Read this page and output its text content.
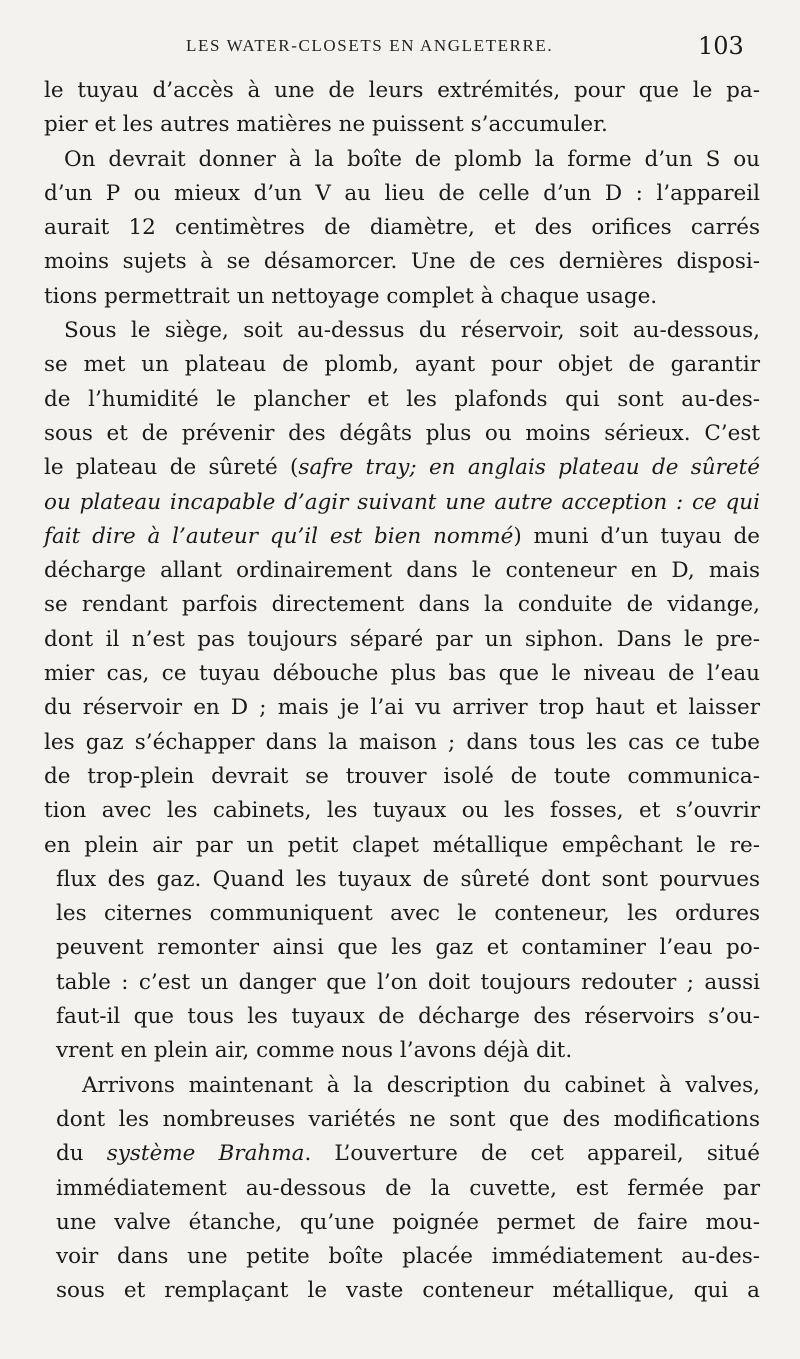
LES WATER-CLOSETS EN ANGLETERRE.	103
le tuyau d’accès à une de leurs extrémités, pour que le pa-
pier et les autres matières ne puissent s’accumuler.
On devrait donner à la boîte de plomb la forme d’un S ou
d’un P ou mieux d’un V au lieu de celle d’un D : l’appareil
aurait 12 centimètres de diamètre, et des orifices carrés
moins sujets à se désamorcer. Une de ces dernières disposi-
tions permettrait un nettoyage complet à chaque usage.
Sous le siège, soit au-dessus du réservoir, soit au-dessous,
se met un plateau de plomb, ayant pour objet de garantir
de l’humidité le plancher et les plafonds qui sont au-des-
sous et de prévenir des dégâts plus ou moins sérieux. C’est
le plateau de sûreté (safre tray; en anglais plateau de sûreté
ou plateau incapable d’agir suivant une autre acception : ce qui
fait dire à l’auteur qu’il est bien nommé) muni d’un tuyau de
décharge allant ordinairement dans le conteneur en D, mais
se rendant parfois directement dans la conduite de vidange,
dont il n’est pas toujours séparé par un siphon. Dans le pre-
mier cas, ce tuyau débouche plus bas que le niveau de l’eau
du réservoir en D ; mais je l’ai vu arriver trop haut et laisser
les gaz s’échapper dans la maison ; dans tous les cas ce tube
de trop-plein devrait se trouver isolé de toute communica-
tion avec les cabinets, les tuyaux ou les fosses, et s’ouvrir
en plein air par un petit clapet métallique empêchant le re-
flux des gaz. Quand les tuyaux de sûreté dont sont pourvues
les citernes communiquent avec le conteneur, les ordures
peuvent remonter ainsi que les gaz et contaminer l’eau po-
table : c’est un danger que l’on doit toujours redouter ; aussi
faut-il que tous les tuyaux de décharge des réservoirs s’ou-
vrent en plein air, comme nous l’avons déjà dit.
Arrivons maintenant à la description du cabinet à valves,
dont les nombreuses variétés ne sont que des modifications
du système Brahma. L’ouverture de cet appareil, situé
immédiatement au-dessous de la cuvette, est fermée par
une valve étanche, qu’une poignée permet de faire mou-
voir dans une petite boîte placée immédiatement au-des-
sous et remplaçant le vaste conteneur métallique, qui a
